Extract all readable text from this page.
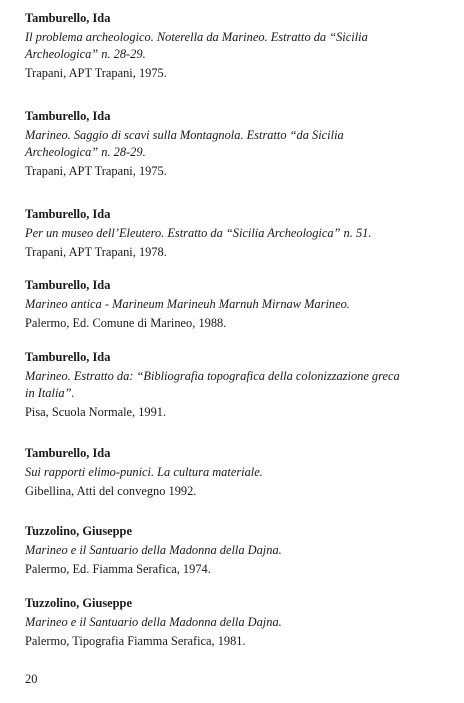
Tamburello, Ida
Il problema archeologico. Noterella da Marineo. Estratto da “Sicilia
Archeologica” n. 28-29.
Trapani, APT Trapani, 1975.
Tamburello, Ida
Marineo. Saggio di scavi sulla Montagnola. Estratto “da Sicilia
Archeologica” n. 28-29.
Trapani, APT Trapani, 1975.
Tamburello, Ida
Per un museo dell’Eleutero. Estratto da “Sicilia Archeologica” n. 51.
Trapani, APT Trapani, 1978.
Tamburello, Ida
Marineo antica - Marineum Marineuh Marnuh Mirnaw Marineo.
Palermo, Ed. Comune di Marineo, 1988.
Tamburello, Ida
Marineo. Estratto da: “Bibliografia topografica della colonizzazione greca
in Italia”.
Pisa, Scuola Normale, 1991.
Tamburello, Ida
Sui rapporti elimo-punici. La cultura materiale.
Gibellina, Atti del convegno 1992.
Tuzzolino, Giuseppe
Marineo e il Santuario della Madonna della Dajna.
Palermo, Ed. Fiamma Serafica, 1974.
Tuzzolino, Giuseppe
Marineo e il Santuario della Madonna della Dajna.
Palermo, Tipografia Fiamma Serafica, 1981.
20
